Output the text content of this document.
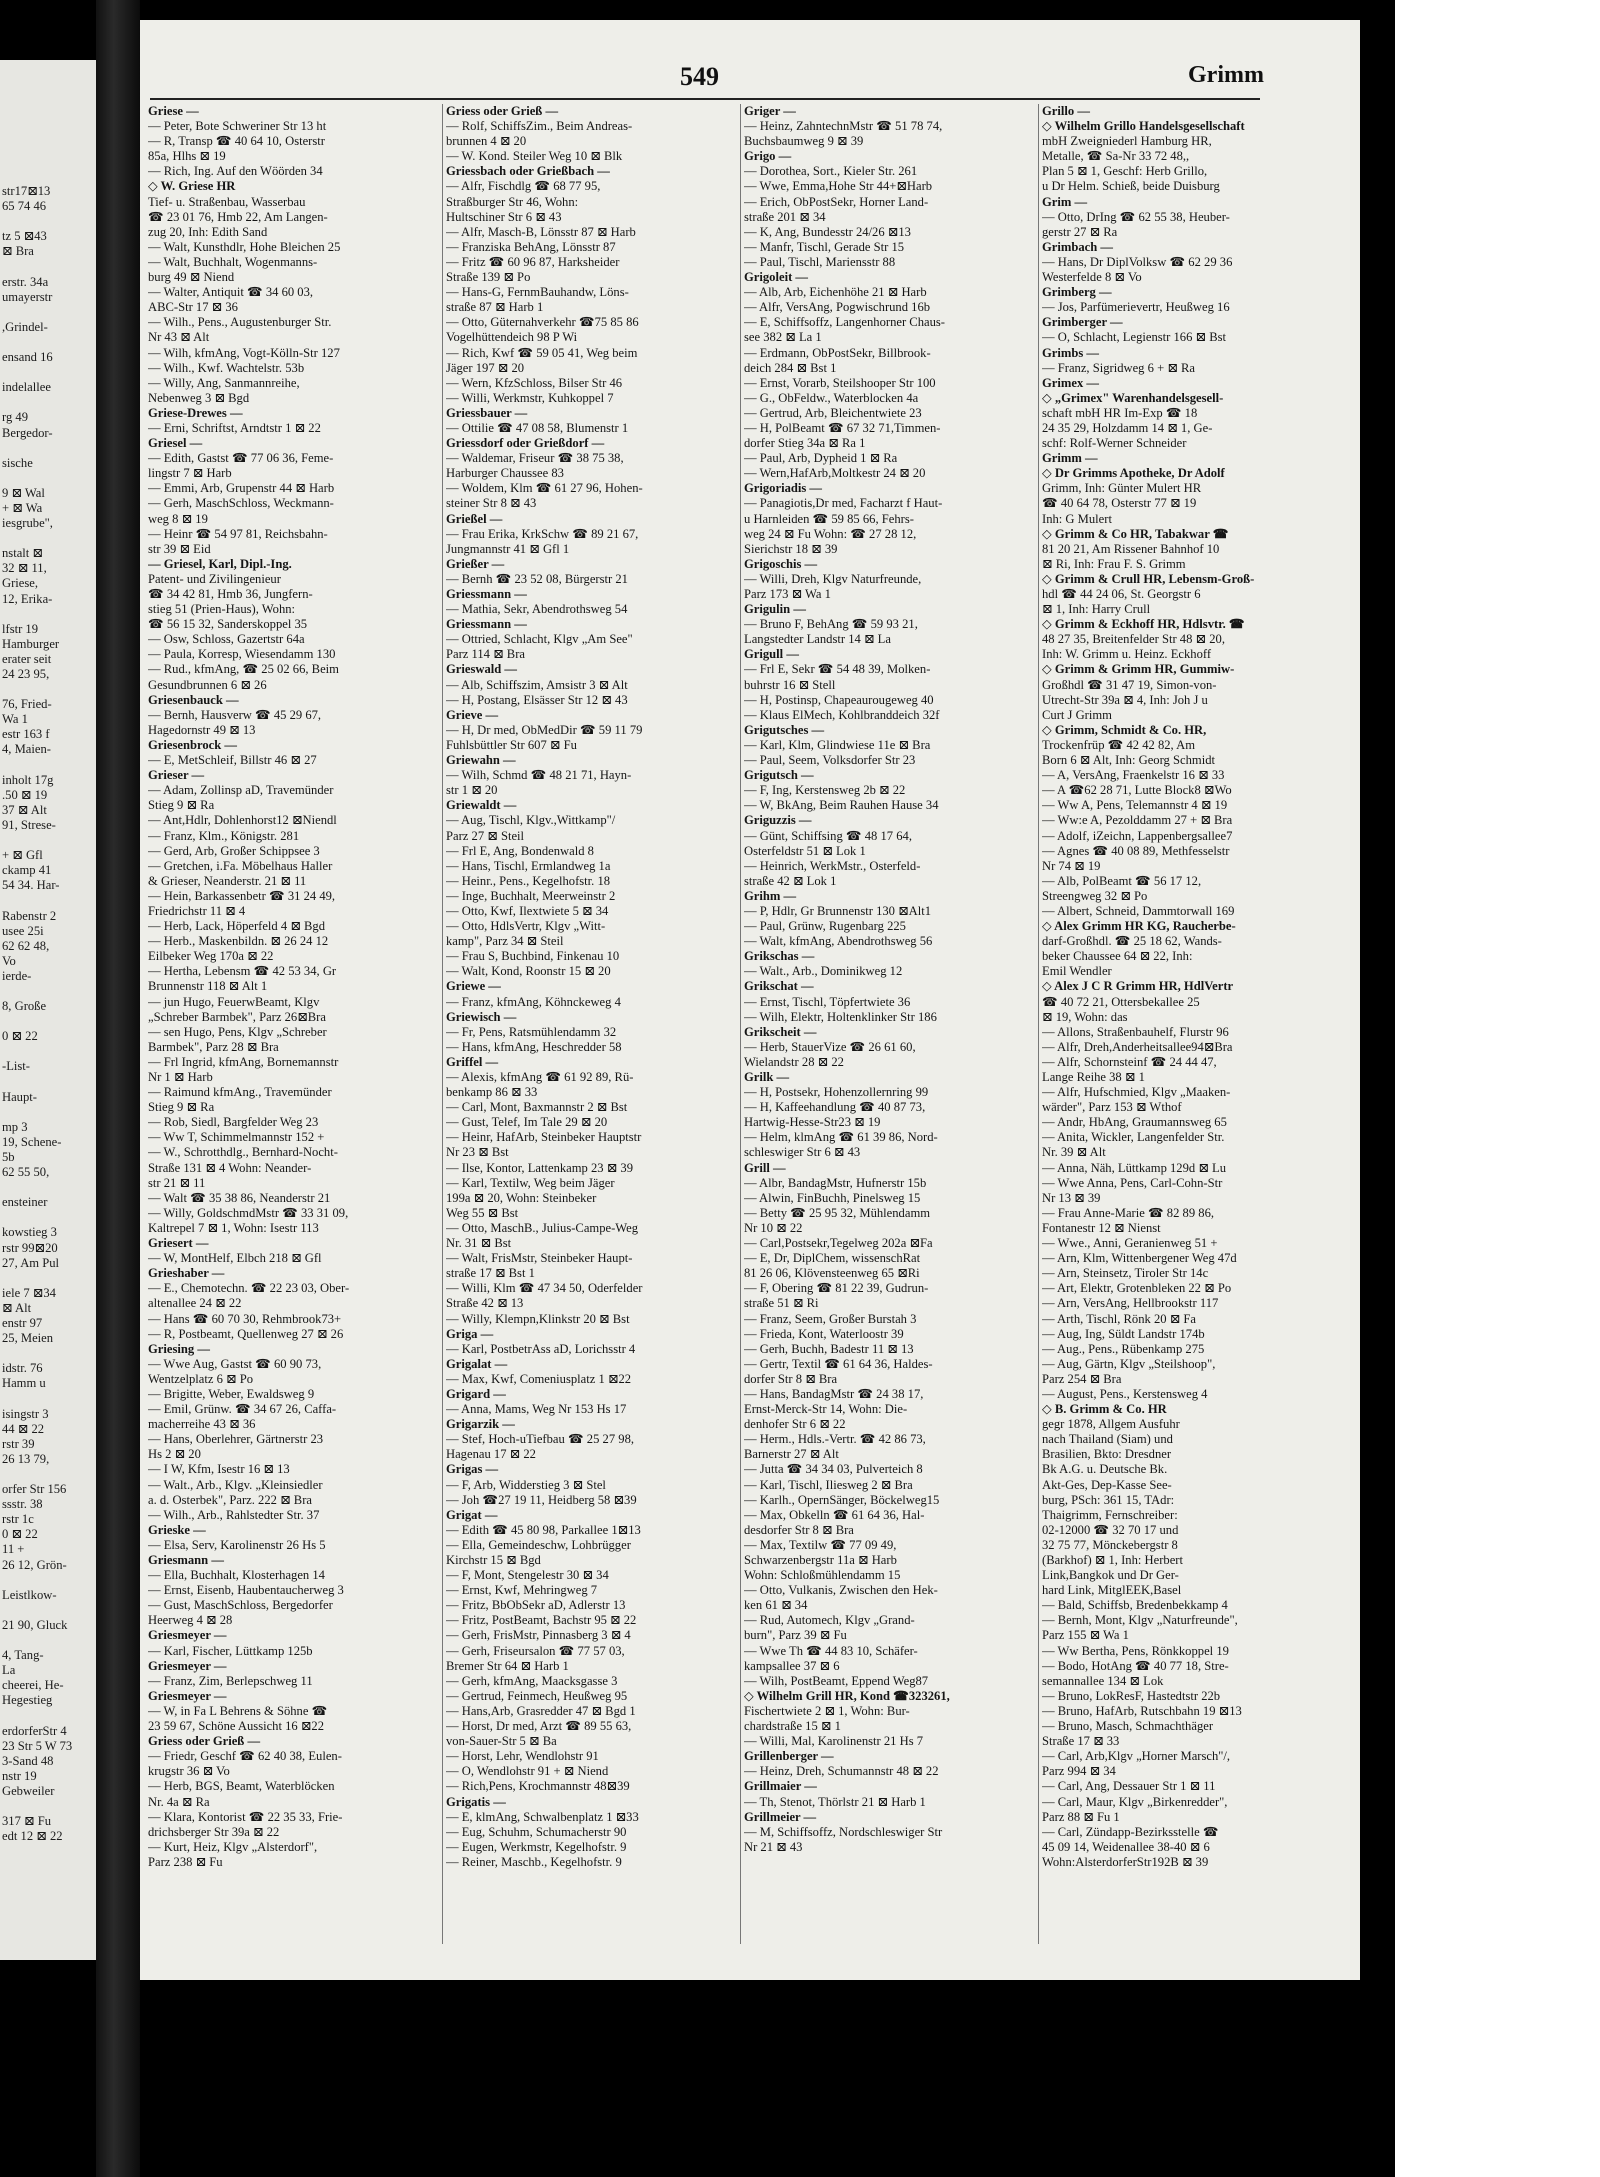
str17⊠13
65 74 46

tz 5 ⊠43
⊠ Bra

erstr. 34a
umayerstr

,Grindel-

ensand 16

indelallee

rg 49
Bergedor-

sische

9 ⊠ Wal
+ ⊠ Wa
iesgrube",

nstalt ⊠
32 ⊠ 11,
Griese,
12, Erika-

lfstr 19
Hamburger
erater seit
24 23 95,

76, Fried-
Wa 1
estr 163 f
4, Maien-

inholt 17g
.50 ⊠ 19
37 ⊠ Alt
91, Strese-

+ ⊠ Gfl
ckamp 41
54 34. Har-

Rabenstr 2
usee 25i
62 62 48,
Vo
ierde-

8, Große

0 ⊠ 22

-List-

Haupt-

mp 3
19, Schene-
5b
62 55 50,

ensteiner

kowstieg 3
rstr 99⊠20
27, Am Pul

iele 7 ⊠34
⊠ Alt
enstr 97
25, Meien

idstr. 76
Hamm u

isingstr 3
44 ⊠ 22
rstr 39
26 13 79,

orfer Str 156
ssstr. 38
rstr 1c
0 ⊠ 22
11 +
26 12, Grön-

Leistlkow-

21 90, Gluck

4, Tang-
La
cheerei, He-
Hegestieg

erdorferStr 4
23 Str 5 W 73
3-Sand 48
nstr 19
Gebweiler

317 ⊠ Fu
edt 12 ⊠ 22
549	Grimm
Griese —
— Peter, Bote Schweriner Str 13 ht
— R, Transp ☎ 40 64 10, Osterstr
85a, Hlhs ⊠ 19
— Rich, Ing. Auf den Wöörden 34
◇ W. Griese HR
Tief- u. Straßenbau, Wasserbau
☎ 23 01 76, Hmb 22, Am Langen-
zug 20, Inh: Edith Sand
— Walt, Kunsthdlr, Hohe Bleichen 25
— Walt, Buchhalt, Wogenmanns-
burg 49 ⊠ Niend
— Walter, Antiquit ☎ 34 60 03,
ABC-Str 17 ⊠ 36
— Wilh., Pens., Augustenburger Str.
Nr 43 ⊠ Alt
— Wilh, kfmAng, Vogt-Kölln-Str 127
— Wilh., Kwf. Wachtelstr. 53b
— Willy, Ang, Sanmannreihe,
Nebenweg 3 ⊠ Bgd
Griese-Drewes —
— Erni, Schriftst, Arndtstr 1 ⊠ 22
Griesel —
— Edith, Gastst ☎ 77 06 36, Feme-
lingstr 7 ⊠ Harb
— Emmi, Arb, Grupenstr 44 ⊠ Harb
— Gerh, MaschSchloss, Weckmann-
weg 8 ⊠ 19
— Heinr ☎ 54 97 81, Reichsbahn-
str 39 ⊠ Eid
— Griesel, Karl, Dipl.-Ing.
Patent- und Zivilingenieur
☎ 34 42 81, Hmb 36, Jungfern-
stieg 51 (Prien-Haus), Wohn:
☎ 56 15 32, Sanderskoppel 35
— Osw, Schloss, Gazertstr 64a
— Paula, Korresp, Wiesendamm 130
— Rud., kfmAng, ☎ 25 02 66, Beim
Gesundbrunnen 6 ⊠ 26
Griesenbauck —
— Bernh, Hausverw ☎ 45 29 67,
Hagedornstr 49 ⊠ 13
Griesenbrock —
— E, MetSchleif, Billstr 46 ⊠ 27
Grieser —
— Adam, Zollinsp aD, Travemünder
Stieg 9 ⊠ Ra
— Ant,Hdlr, Dohlenhorst12 ⊠Niendl
— Franz, Klm., Königstr. 281
— Gerd, Arb, Großer Schippsee 3
— Gretchen, i.Fa. Möbelhaus Haller
& Grieser, Neanderstr. 21 ⊠ 11
— Hein, Barkassenbetr ☎ 31 24 49,
Friedrichstr 11 ⊠ 4
— Herb, Lack, Höperfeld 4 ⊠ Bgd
— Herb., Maskenbildn. ⊠ 26 24 12
Eilbeker Weg 170a ⊠ 22
— Hertha, Lebensm ☎ 42 53 34, Gr
Brunnenstr 118 ⊠ Alt 1
— jun Hugo, FeuerwBeamt, Klgv
„Schreber Barmbek", Parz 26⊠Bra
— sen Hugo, Pens, Klgv „Schreber
Barmbek", Parz 28 ⊠ Bra
— Frl Ingrid, kfmAng, Bornemannstr
Nr 1 ⊠ Harb
— Raimund kfmAng., Travemünder
Stieg 9 ⊠ Ra
— Rob, Siedl, Bargfelder Weg 23
— Ww T, Schimmelmannstr 152 +
— W., Schrotthdlg., Bernhard-Nocht-
Straße 131 ⊠ 4 Wohn: Neander-
str 21 ⊠ 11
— Walt ☎ 35 38 86, Neanderstr 21
— Willy, GoldschmdMstr ☎ 33 31 09,
Kaltrepel 7 ⊠ 1, Wohn: Isestr 113
Griesert —
— W, MontHelf, Elbch 218 ⊠ Gfl
Grieshaber —
— E., Chemotechn. ☎ 22 23 03, Ober-
altenallee 24 ⊠ 22
— Hans ☎ 60 70 30, Rehmbrook73+
— R, Postbeamt, Quellenweg 27 ⊠ 26
Griesing —
— Wwe Aug, Gastst ☎ 60 90 73,
Wentzelplatz 6 ⊠ Po
— Brigitte, Weber, Ewaldsweg 9
— Emil, Grünw. ☎ 34 67 26, Caffa-
macherreihe 43 ⊠ 36
— Hans, Oberlehrer, Gärtnerstr 23
Hs 2 ⊠ 20
— I W, Kfm, Isestr 16 ⊠ 13
— Walt., Arb., Klgv. „Kleinsiedler
a. d. Osterbek", Parz. 222 ⊠ Bra
— Wilh., Arb., Rahlstedter Str. 37
Grieske —
— Elsa, Serv, Karolinenstr 26 Hs 5
Griesmann —
— Ella, Buchhalt, Klosterhagen 14
— Ernst, Eisenb, Haubentaucherweg 3
— Gust, MaschSchloss, Bergedorfer
Heerweg 4 ⊠ 28
Griesmeyer —
— Karl, Fischer, Lüttkamp 125b
Griesmeyer —
— Franz, Zim, Berlepschweg 11
Griesmeyer —
— W, in Fa L Behrens & Söhne ☎
23 59 67, Schöne Aussicht 16 ⊠22
Griess oder Grieß —
— Friedr, Geschf ☎ 62 40 38, Eulen-
krugstr 36 ⊠ Vo
— Herb, BGS, Beamt, Waterblöcken
Nr. 4a ⊠ Ra
— Klara, Kontorist ☎ 22 35 33, Frie-
drichsberger Str 39a ⊠ 22
— Kurt, Heiz, Klgv „Alsterdorf",
Parz 238 ⊠ Fu
Griess oder Grieß —
— Rolf, SchiffsZim., Beim Andreas-
brunnen 4 ⊠ 20
— W. Kond. Steiler Weg 10 ⊠ Blk
Griessbach oder Grießbach —
— Alfr, Fischdlg ☎ 68 77 95,
Straßburger Str 46, Wohn:
Hultschiner Str 6 ⊠ 43
— Alfr, Masch-B, Lönsstr 87 ⊠ Harb
— Franziska BehAng, Lönsstr 87
— Fritz ☎ 60 96 87, Harksheider
Straße 139 ⊠ Po
— Hans-G, FernmBauhandw, Löns-
straße 87 ⊠ Harb 1
— Otto, Güternahverkehr ☎75 85 86
Vogelhüttendeich 98 P Wi
— Rich, Kwf ☎ 59 05 41, Weg beim
Jäger 197 ⊠ 20
— Wern, KfzSchloss, Bilser Str 46
— Willi, Werkmstr, Kuhkoppel 7
Griessbauer —
— Ottilie ☎ 47 08 58, Blumenstr 1
Griessdorf oder Grießdorf —
— Waldemar, Friseur ☎ 38 75 38,
Harburger Chaussee 83
— Woldem, Klm ☎ 61 27 96, Hohen-
steiner Str 8 ⊠ 43
Grießel —
— Frau Erika, KrkSchw ☎ 89 21 67,
Jungmannstr 41 ⊠ Gfl 1
Grießer —
— Bernh ☎ 23 52 08, Bürgerstr 21
Griessmann —
— Mathia, Sekr, Abendrothsweg 54
Griessmann —
— Ottried, Schlacht, Klgv „Am See"
Parz 114 ⊠ Bra
Grieswald —
— Alb, Schiffszim, Amsistr 3 ⊠ Alt
— H, Postang, Elsässer Str 12 ⊠ 43
Grieve —
— H, Dr med, ObMedDir ☎ 59 11 79
Fuhlsbüttler Str 607 ⊠ Fu
Griewahn —
— Wilh, Schmd ☎ 48 21 71, Hayn-
str 1 ⊠ 20
Griewaldt —
— Aug, Tischl, Klgv.,Wittkamp"/
Parz 27 ⊠ Steil
— Frl E, Ang, Bondenwald 8
— Hans, Tischl, Ermlandweg 1a
— Heinr., Pens., Kegelhofstr. 18
— Inge, Buchhalt, Meerweinstr 2
— Otto, Kwf, Ilextwiete 5 ⊠ 34
— Otto, HdlsVertr, Klgv „Witt-
kamp", Parz 34 ⊠ Steil
— Frau S, Buchbind, Finkenau 10
— Walt, Kond, Roonstr 15 ⊠ 20
Griewe —
— Franz, kfmAng, Köhnckeweg 4
Griewisch —
— Fr, Pens, Ratsmühlendamm 32
— Hans, kfmAng, Heschredder 58
Griffel —
— Alexis, kfmAng ☎ 61 92 89, Rü-
benkamp 86 ⊠ 33
— Carl, Mont, Baxmannstr 2 ⊠ Bst
— Gust, Telef, Im Tale 29 ⊠ 20
— Heinr, HafArb, Steinbeker Hauptstr
Nr 23 ⊠ Bst
— Ilse, Kontor, Lattenkamp 23 ⊠ 39
— Karl, Textilw, Weg beim Jäger
199a ⊠ 20, Wohn: Steinbeker
Weg 55 ⊠ Bst
— Otto, MaschB., Julius-Campe-Weg
Nr. 31 ⊠ Bst
— Walt, FrisMstr, Steinbeker Haupt-
straße 17 ⊠ Bst 1
— Willi, Klm ☎ 47 34 50, Oderfelder
Straße 42 ⊠ 13
— Willy, Klempn,Klinkstr 20 ⊠ Bst
Griga —
— Karl, PostbetrAss aD, Lorichsstr 4
Grigalat —
— Max, Kwf, Comeniusplatz 1 ⊠22
Grigard —
— Anna, Mams, Weg Nr 153 Hs 17
Grigarzik —
— Stef, Hoch-uTiefbau ☎ 25 27 98,
Hagenau 17 ⊠ 22
Grigas —
— F, Arb, Widderstieg 3 ⊠ Stel
— Joh ☎27 19 11, Heidberg 58 ⊠39
Grigat —
— Edith ☎ 45 80 98, Parkallee 1⊠13
— Ella, Gemeindeschw, Lohbrügger
Kirchstr 15 ⊠ Bgd
— F, Mont, Stengelestr 30 ⊠ 34
— Ernst, Kwf, Mehringweg 7
— Fritz, BbObSekr aD, Adlerstr 13
— Fritz, PostBeamt, Bachstr 95 ⊠ 22
— Gerh, FrisMstr, Pinnasberg 3 ⊠ 4
— Gerh, Friseursalon ☎ 77 57 03,
Bremer Str 64 ⊠ Harb 1
— Gerh, kfmAng, Maacksgasse 3
— Gertrud, Feinmech, Heußweg 95
— Hans,Arb, Grasredder 47 ⊠ Bgd 1
— Horst, Dr med, Arzt ☎ 89 55 63,
von-Sauer-Str 5 ⊠ Ba
— Horst, Lehr, Wendlohstr 91
— O, Wendlohstr 91 + ⊠ Niend
— Rich,Pens, Krochmannstr 48⊠39
Grigatis —
— E, klmAng, Schwalbenplatz 1 ⊠33
— Eug, Schuhm, Schumacherstr 90
— Eugen, Werkmstr, Kegelhofstr. 9
— Reiner, Maschb., Kegelhofstr. 9
Griger —
— Heinz, ZahntechnMstr ☎ 51 78 74,
Buchsbaumweg 9 ⊠ 39
Grigo —
— Dorothea, Sort., Kieler Str. 261
— Wwe, Emma,Hohe Str 44+⊠Harb
— Erich, ObPostSekr, Horner Land-
straße 201 ⊠ 34
— K, Ang, Bundesstr 24/26 ⊠13
— Manfr, Tischl, Gerade Str 15
— Paul, Tischl, Mariensstr 88
Grigoleit —
— Alb, Arb, Eichenhöhe 21 ⊠ Harb
— Alfr, VersAng, Pogwischrund 16b
— E, Schiffsoffz, Langenhorner Chaus-
see 382 ⊠ La 1
— Erdmann, ObPostSekr, Billbrook-
deich 284 ⊠ Bst 1
— Ernst, Vorarb, Steilshooper Str 100
— G., ObFeldw., Waterblocken 4a
— Gertrud, Arb, Bleichentwiete 23
— H, PolBeamt ☎ 67 32 71,Timmen-
dorfer Stieg 34a ⊠ Ra 1
— Paul, Arb, Dypheid 1 ⊠ Ra
— Wern,HafArb,Moltkestr 24 ⊠ 20
Grigoriadis —
— Panagiotis,Dr med, Facharzt f Haut-
u Harnleiden ☎ 59 85 66, Fehrs-
weg 24 ⊠ Fu Wohn: ☎ 27 28 12,
Sierichstr 18 ⊠ 39
Grigoschis —
— Willi, Dreh, Klgv Naturfreunde,
Parz 173 ⊠ Wa 1
Grigulin —
— Bruno F, BehAng ☎ 59 93 21,
Langstedter Landstr 14 ⊠ La
Grigull —
— Frl E, Sekr ☎ 54 48 39, Molken-
buhrstr 16 ⊠ Stell
— H, Postinsp, Chapeaurougeweg 40
— Klaus ElMech, Kohlbranddeich 32f
Grigutsches —
— Karl, Klm, Glindwiese 11e ⊠ Bra
— Paul, Seem, Volksdorfer Str 23
Grigutsch —
— F, Ing, Kerstensweg 2b ⊠ 22
— W, BkAng, Beim Rauhen Hause 34
Griguzzis —
— Günt, Schiffsing ☎ 48 17 64,
Osterfeldstr 51 ⊠ Lok 1
— Heinrich, WerkMstr., Osterfeld-
straße 42 ⊠ Lok 1
Grihm —
— P, Hdlr, Gr Brunnenstr 130 ⊠Alt1
— Paul, Grünw, Rugenbarg 225
— Walt, kfmAng, Abendrothsweg 56
Grikschas —
— Walt., Arb., Dominikweg 12
Grikschat —
— Ernst, Tischl, Töpfertwiete 36
— Wilh, Elektr, Holtenklinker Str 186
Grikscheit —
— Herb, StauerVize ☎ 26 61 60,
Wielandstr 28 ⊠ 22
Grilk —
— H, Postsekr, Hohenzollernring 99
— H, Kaffeehandlung ☎ 40 87 73,
Hartwig-Hesse-Str23 ⊠ 19
— Helm, klmAng ☎ 61 39 86, Nord-
schleswiger Str 6 ⊠ 43
Grill —
— Albr, BandagMstr, Hufnerstr 15b
— Alwin, FinBuchh, Pinelsweg 15
— Betty ☎ 25 95 32, Mühlendamm
Nr 10 ⊠ 22
— Carl,Postsekr,Tegelweg 202a ⊠Fa
— E, Dr, DiplChem, wissenschRat
81 26 06, Klövensteenweg 65 ⊠Ri
— F, Obering ☎ 81 22 39, Gudrun-
straße 51 ⊠ Ri
— Franz, Seem, Großer Burstah 3
— Frieda, Kont, Waterloostr 39
— Gerh, Buchh, Badestr 11 ⊠ 13
— Gertr, Textil ☎ 61 64 36, Haldes-
dorfer Str 8 ⊠ Bra
— Hans, BandagMstr ☎ 24 38 17,
Ernst-Merck-Str 14, Wohn: Die-
denhofer Str 6 ⊠ 22
— Herm., Hdls.-Vertr. ☎ 42 86 73,
Barnerstr 27 ⊠ Alt
— Jutta ☎ 34 34 03, Pulverteich 8
— Karl, Tischl, Iliesweg 2 ⊠ Bra
— Karlh., OpernSänger, Böckelweg15
— Max, Obkelln ☎ 61 64 36, Hal-
desdorfer Str 8 ⊠ Bra
— Max, Textilw ☎ 77 09 49,
Schwarzenbergstr 11a ⊠ Harb
Wohn: Schloßmühlendamm 15
— Otto, Vulkanis, Zwischen den Hek-
ken 61 ⊠ 34
— Rud, Automech, Klgv „Grand-
burn", Parz 39 ⊠ Fu
— Wwe Th ☎ 44 83 10, Schäfer-
kampsallee 37 ⊠ 6
— Wilh, PostBeamt, Eppend Weg87
◇ Wilhelm Grill HR, Kond ☎323261,
Fischertwiete 2 ⊠ 1, Wohn: Bur-
chardstraße 15 ⊠ 1
— Willi, Mal, Karolinenstr 21 Hs 7
Grillenberger —
— Heinz, Dreh, Schumannstr 48 ⊠ 22
Grillmaier —
— Th, Stenot, Thörlstr 21 ⊠ Harb 1
Grillmeier —
— M, Schiffsoffz, Nordschleswiger Str
Nr 21 ⊠ 43
Grillo —
◇ Wilhelm Grillo Handelsgesellschaft
mbH Zweigniederl Hamburg HR,
Metalle, ☎ Sa-Nr 33 72 48,,
Plan 5 ⊠ 1, Geschf: Herb Grillo,
u Dr Helm. Schieß, beide Duisburg
Grim —
— Otto, DrIng ☎ 62 55 38, Heuber-
gerstr 27 ⊠ Ra
Grimbach —
— Hans, Dr DiplVolksw ☎ 62 29 36
Westerfelde 8 ⊠ Vo
Grimberg —
— Jos, Parfümerievertr, Heußweg 16
Grimberger —
— O, Schlacht, Legienstr 166 ⊠ Bst
Grimbs —
— Franz, Sigridweg 6 + ⊠ Ra
Grimex —
◇ „Grimex" Warenhandelsgesell-
schaft mbH HR Im-Exp ☎ 18
24 35 29, Holzdamm 14 ⊠ 1, Ge-
schf: Rolf-Werner Schneider
Grimm —
◇ Dr Grimms Apotheke, Dr Adolf
Grimm, Inh: Günter Mulert HR
☎ 40 64 78, Osterstr 77 ⊠ 19
Inh: G Mulert
◇ Grimm & Co HR, Tabakwar ☎
81 20 21, Am Rissener Bahnhof 10
⊠ Ri, Inh: Frau F. S. Grimm
◇ Grimm & Crull HR, Lebensm-Groß-
hdl ☎ 44 24 06, St. Georgstr 6
⊠ 1, Inh: Harry Crull
◇ Grimm & Eckhoff HR, Hdlsvtr. ☎
48 27 35, Breitenfelder Str 48 ⊠ 20,
Inh: W. Grimm u. Heinz. Eckhoff
◇ Grimm & Grimm HR, Gummiw-
Großhdl ☎ 31 47 19, Simon-von-
Utrecht-Str 39a ⊠ 4, Inh: Joh J u
Curt J Grimm
◇ Grimm, Schmidt & Co. HR,
Trockenfrüp ☎ 42 42 82, Am
Born 6 ⊠ Alt, Inh: Georg Schmidt
— A, VersAng, Fraenkelstr 16 ⊠ 33
— A ☎62 28 71, Lutte Block8 ⊠Wo
— Ww A, Pens, Telemannstr 4 ⊠ 19
— Ww:e A, Pezolddamm 27 + ⊠ Bra
— Adolf, iZeichn, Lappenbergsallee7
— Agnes ☎ 40 08 89, Methfesselstr
Nr 74 ⊠ 19
— Alb, PolBeamt ☎ 56 17 12,
Streengweg 32 ⊠ Po
— Albert, Schneid, Dammtorwall 169
◇ Alex Grimm HR KG, Raucherbe-
darf-Großhdl. ☎ 25 18 62, Wands-
beker Chaussee 64 ⊠ 22, Inh:
Emil Wendler
◇ Alex J C R Grimm HR, HdlVertr
☎ 40 72 21, Ottersbekallee 25
⊠ 19, Wohn: das
— Allons, Straßenbauhelf, Flurstr 96
— Alfr, Dreh,Anderheitsallee94⊠Bra
— Alfr, Schornsteinf ☎ 24 44 47,
Lange Reihe 38 ⊠ 1
— Alfr, Hufschmied, Klgv „Maaken-
wärder", Parz 153 ⊠ Wthof
— Andr, HbAng, Graumannsweg 65
— Anita, Wickler, Langenfelder Str.
Nr. 39 ⊠ Alt
— Anna, Näh, Lüttkamp 129d ⊠ Lu
— Wwe Anna, Pens, Carl-Cohn-Str
Nr 13 ⊠ 39
— Frau Anne-Marie ☎ 82 89 86,
Fontanestr 12 ⊠ Nienst
— Wwe., Anni, Geranienweg 51 +
— Arn, Klm, Wittenbergener Weg 47d
— Arn, Steinsetz, Tiroler Str 14c
— Art, Elektr, Grotenbleken 22 ⊠ Po
— Arn, VersAng, Hellbrookstr 117
— Arth, Tischl, Rönk 20 ⊠ Fa
— Aug, Ing, Süldt Landstr 174b
— Aug., Pens., Rübenkamp 275
— Aug, Gärtn, Klgv „Steilshoop",
Parz 254 ⊠ Bra
— August, Pens., Kerstensweg 4
◇ B. Grimm & Co. HR
gegr 1878, Allgem Ausfuhr
nach Thailand (Siam) und
Brasilien, Bkto: Dresdner
Bk A.G. u. Deutsche Bk.
Akt-Ges, Dep-Kasse See-
burg, PSch: 361 15, TAdr:
Thaigrimm, Fernschreiber:
02-12000 ☎ 32 70 17 und
32 75 77, Mönckebergstr 8
(Barkhof) ⊠ 1, Inh: Herbert
Link,Bangkok und Dr Ger-
hard Link, MitglEEK,Basel
— Bald, Schiffsb, Bredenbekkamp 4
— Bernh, Mont, Klgv „Naturfreunde",
Parz 155 ⊠ Wa 1
— Ww Bertha, Pens, Rönkkoppel 19
— Bodo, HotAng ☎ 40 77 18, Stre-
semannallee 134 ⊠ Lok
— Bruno, LokResF, Hastedtstr 22b
— Bruno, HafArb, Rutschbahn 19 ⊠13
— Bruno, Masch, Schmachthäger
Straße 17 ⊠ 33
— Carl, Arb,Klgv „Horner Marsch"/,
Parz 994 ⊠ 34
— Carl, Ang, Dessauer Str 1 ⊠ 11
— Carl, Maur, Klgv „Birkenredder",
Parz 88 ⊠ Fu 1
— Carl, Zündapp-Bezirksstelle ☎
45 09 14, Weidenallee 38-40 ⊠ 6
Wohn:AlsterdorferStr192B ⊠ 39
